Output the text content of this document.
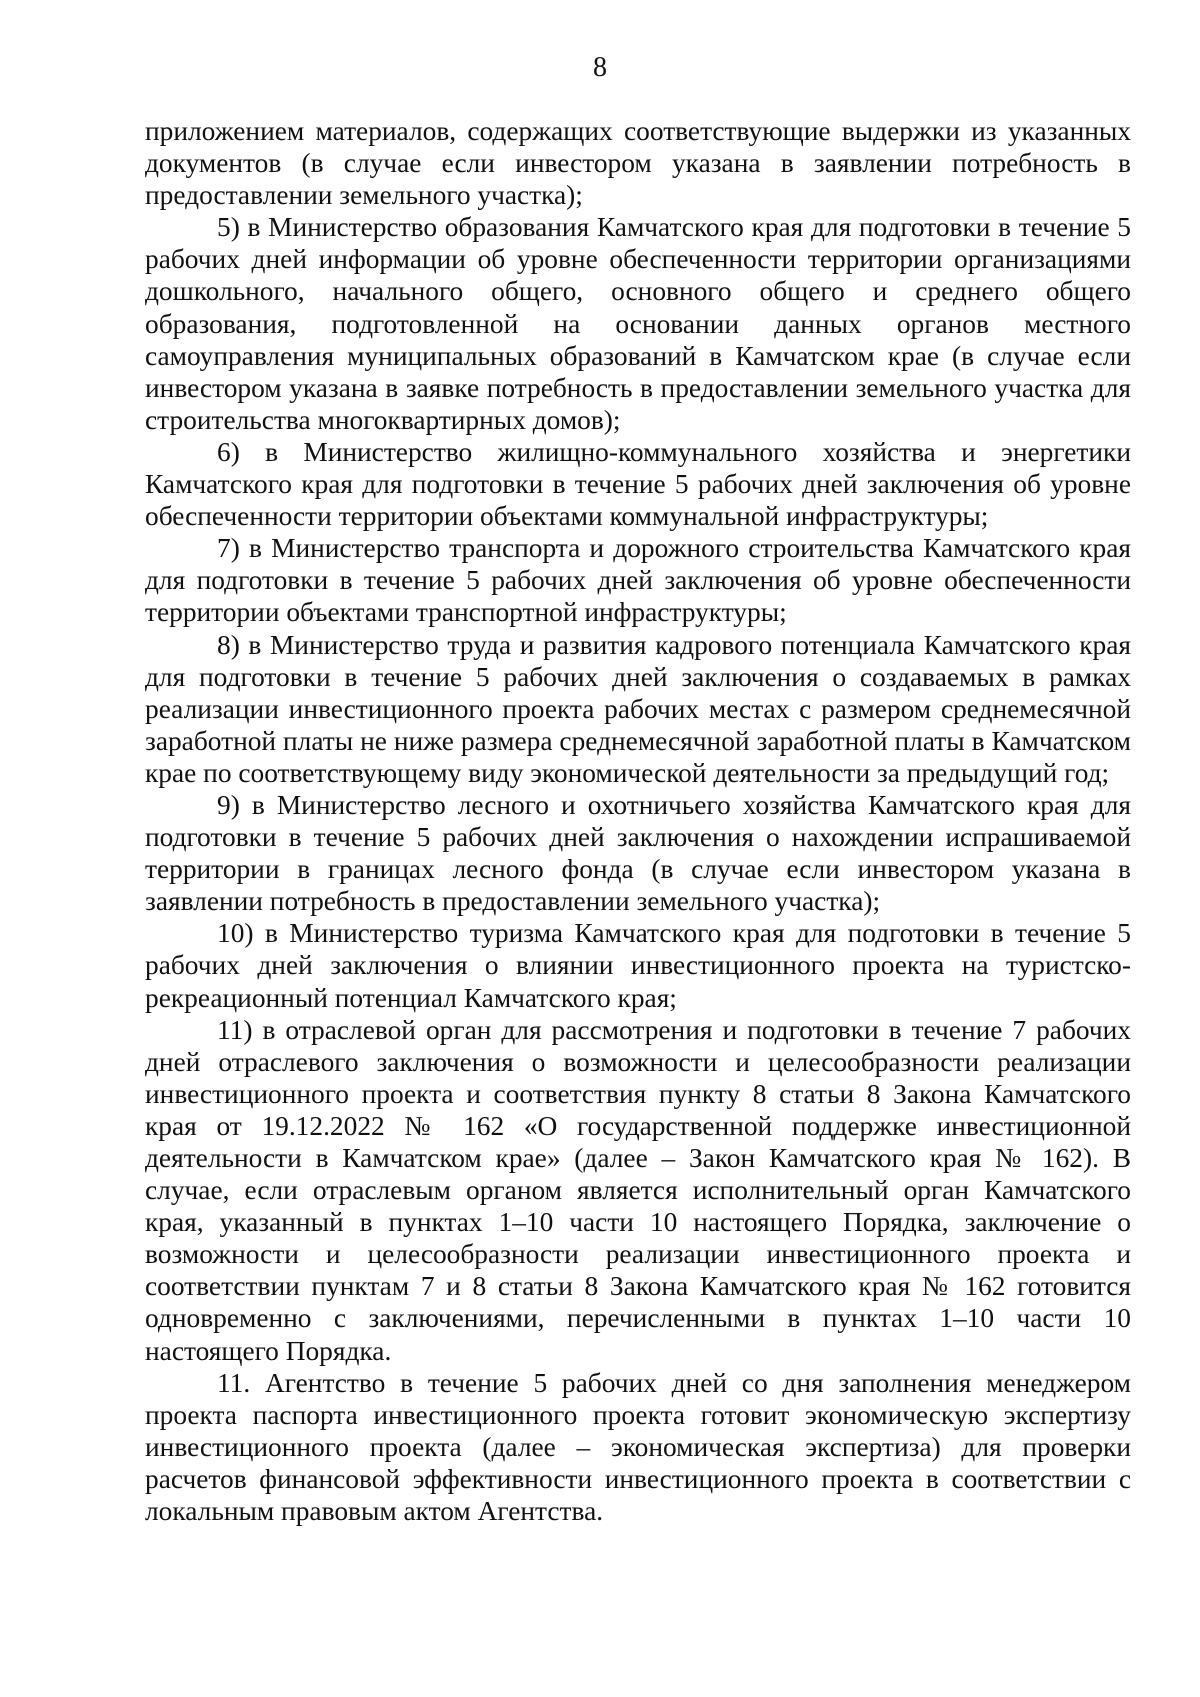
8

приложением материалов, содержащих соответствующие выдержки из указанных документов (в случае если инвестором указана в заявлении потребность в предоставлении земельного участка);

5) в Министерство образования Камчатского края для подготовки в течение 5 рабочих дней информации об уровне обеспеченности территории организациями дошкольного, начального общего, основного общего и среднего общего образования, подготовленной на основании данных органов местного самоуправления муниципальных образований в Камчатском крае (в случае если инвестором указана в заявке потребность в предоставлении земельного участка для строительства многоквартирных домов);

6) в Министерство жилищно-коммунального хозяйства и энергетики Камчатского края для подготовки в течение 5 рабочих дней заключения об уровне обеспеченности территории объектами коммунальной инфраструктуры;

7) в Министерство транспорта и дорожного строительства Камчатского края для подготовки в течение 5 рабочих дней заключения об уровне обеспеченности территории объектами транспортной инфраструктуры;

8) в Министерство труда и развития кадрового потенциала Камчатского края для подготовки в течение 5 рабочих дней заключения о создаваемых в рамках реализации инвестиционного проекта рабочих местах с размером среднемесячной заработной платы не ниже размера среднемесячной заработной платы в Камчатском крае по соответствующему виду экономической деятельности за предыдущий год;

9) в Министерство лесного и охотничьего хозяйства Камчатского края для подготовки в течение 5 рабочих дней заключения о нахождении испрашиваемой территории в границах лесного фонда (в случае если инвестором указана в заявлении потребность в предоставлении земельного участка);

10) в Министерство туризма Камчатского края для подготовки в течение 5 рабочих дней заключения о влиянии инвестиционного проекта на туристско-рекреационный потенциал Камчатского края;

11) в отраслевой орган для рассмотрения и подготовки в течение 7 рабочих дней отраслевого заключения о возможности и целесообразности реализации инвестиционного проекта и соответствия пункту 8 статьи 8 Закона Камчатского края от 19.12.2022 № 162 «О государственной поддержке инвестиционной деятельности в Камчатском крае» (далее – Закон Камчатского края № 162). В случае, если отраслевым органом является исполнительный орган Камчатского края, указанный в пунктах 1–10 части 10 настоящего Порядка, заключение о возможности и целесообразности реализации инвестиционного проекта и соответствии пунктам 7 и 8 статьи 8 Закона Камчатского края № 162 готовится одновременно с заключениями, перечисленными в пунктах 1–10 части 10 настоящего Порядка.

11. Агентство в течение 5 рабочих дней со дня заполнения менеджером проекта паспорта инвестиционного проекта готовит экономическую экспертизу инвестиционного проекта (далее – экономическая экспертиза) для проверки расчетов финансовой эффективности инвестиционного проекта в соответствии с локальным правовым актом Агентства.
